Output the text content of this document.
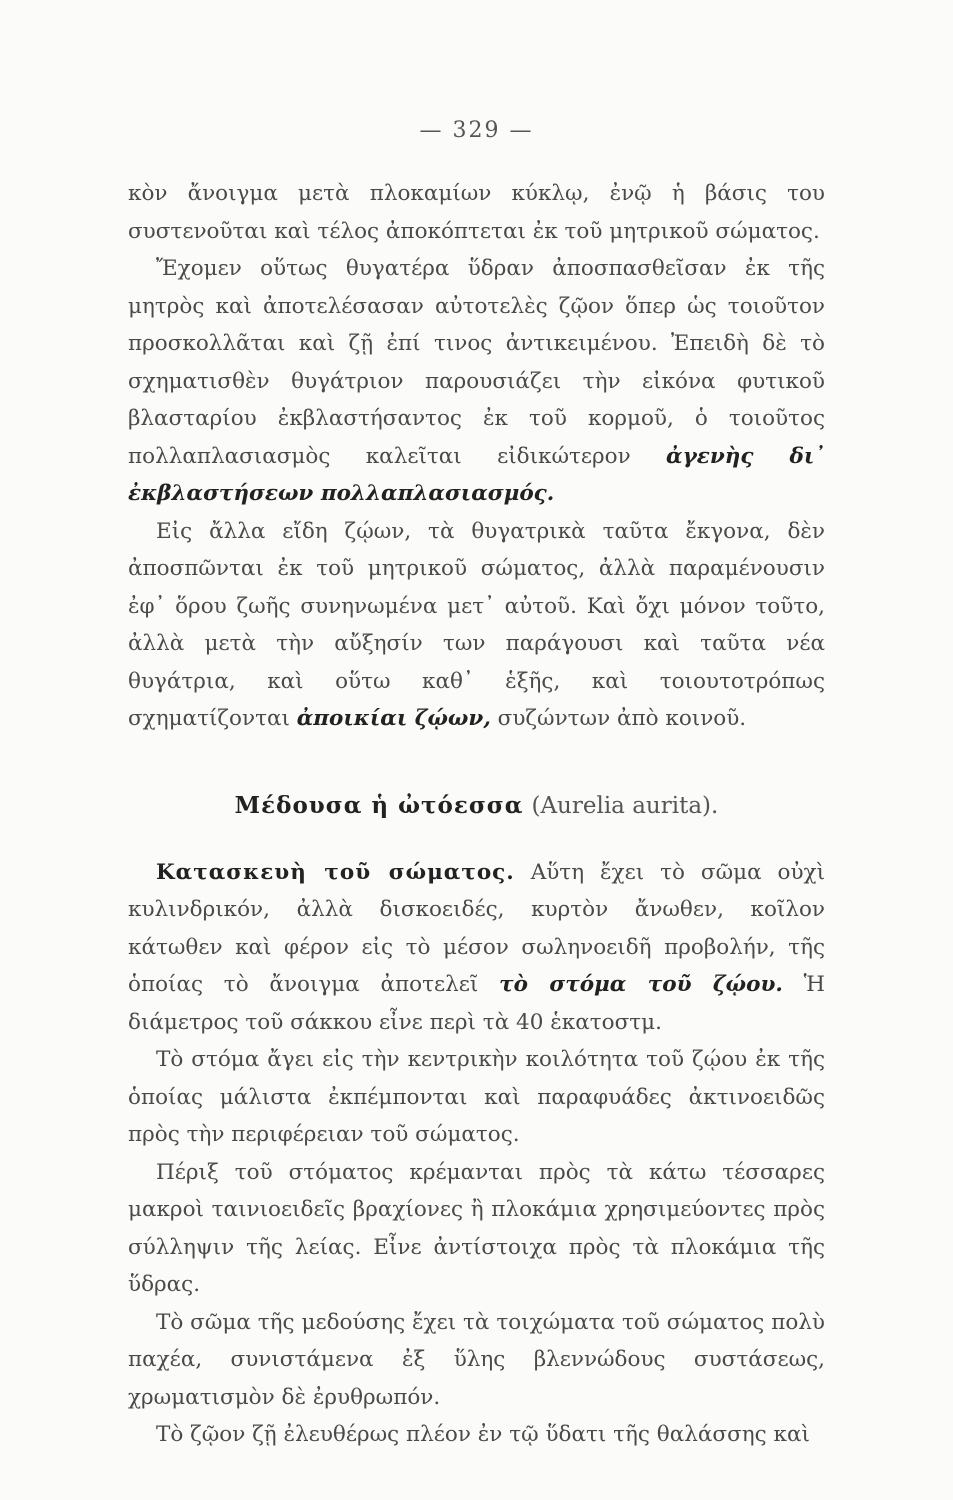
— 329 —

κὸν ἄνοιγμα μετὰ πλοκαμίων κύκλῳ, ἐνῷ ἡ βάσις του συστενοῦται καὶ τέλος ἀποκόπτεται ἐκ τοῦ μητρικοῦ σώματος.

Ἔχομεν οὕτως θυγατέρα ὕδραν ἀποσπασθεῖσαν ἐκ τῆς μητρὸς καὶ ἀποτελέσασαν αὐτοτελὲς ζῷον ὅπερ ὡς τοιοῦτον προσκολλᾶται καὶ ζῇ ἐπί τινος ἀντικειμένου. Ἐπειδὴ δὲ τὸ σχηματισθὲν θυγάτριον παρουσιάζει τὴν εἰκόνα φυτικοῦ βλασταρίου ἐκβλαστήσαντος ἐκ τοῦ κορμοῦ, ὁ τοιοῦτος πολλαπλασιασμὸς καλεῖται εἰδικώτερον ἀγενὴς δι᾽ ἐκβλαστήσεων πολλαπλασιασμός.

Εἰς ἄλλα εἴδη ζῴων, τὰ θυγατρικὰ ταῦτα ἔκγονα, δὲν ἀποσπῶνται ἐκ τοῦ μητρικοῦ σώματος, ἀλλὰ παραμένουσιν ἐφ᾽ ὅρου ζωῆς συνηνωμένα μετ᾽ αὐτοῦ. Καὶ ὄχι μόνον τοῦτο, ἀλλὰ μετὰ τὴν αὔξησίν των παράγουσι καὶ ταῦτα νέα θυγάτρια, καὶ οὕτω καθ᾽ ἑξῆς, καὶ τοιουτοτρόπως σχηματίζονται ἀποικίαι ζῴων, συζώντων ἀπὸ κοινοῦ.

Μέδουσα ἡ ὠτόεσσα (Aurelia aurita).

Κατασκευὴ τοῦ σώματος. Αὕτη ἔχει τὸ σῶμα οὐχὶ κυλινδρικόν, ἀλλὰ δισκοειδές, κυρτὸν ἄνωθεν, κοῖλον κάτωθεν καὶ φέρον εἰς τὸ μέσον σωληνοειδῆ προβολήν, τῆς ὁποίας τὸ ἄνοιγμα ἀποτελεῖ τὸ στόμα τοῦ ζῴου. Ἡ διάμετρος τοῦ σάκκου εἶνε περὶ τὰ 40 ἑκατοστμ.

Τὸ στόμα ἄγει εἰς τὴν κεντρικὴν κοιλότητα τοῦ ζῴου ἐκ τῆς ὁποίας μάλιστα ἐκπέμπονται καὶ παραφυάδες ἀκτινοειδῶς πρὸς τὴν περιφέρειαν τοῦ σώματος.

Πέριξ τοῦ στόματος κρέμανται πρὸς τὰ κάτω τέσσαρες μακροὶ ταινιοειδεῖς βραχίονες ἢ πλοκάμια χρησιμεύοντες πρὸς σύλληψιν τῆς λείας. Εἶνε ἀντίστοιχα πρὸς τὰ πλοκάμια τῆς ὕδρας.

Τὸ σῶμα τῆς μεδούσης ἔχει τὰ τοιχώματα τοῦ σώματος πολὺ παχέα, συνιστάμενα ἐξ ὕλης βλεννώδους συστάσεως, χρωματισμὸν δὲ ἐρυθρωπόν.

Τὸ ζῷον ζῇ ἐλευθέρως πλέον ἐν τῷ ὕδατι τῆς θαλάσσης καὶ
